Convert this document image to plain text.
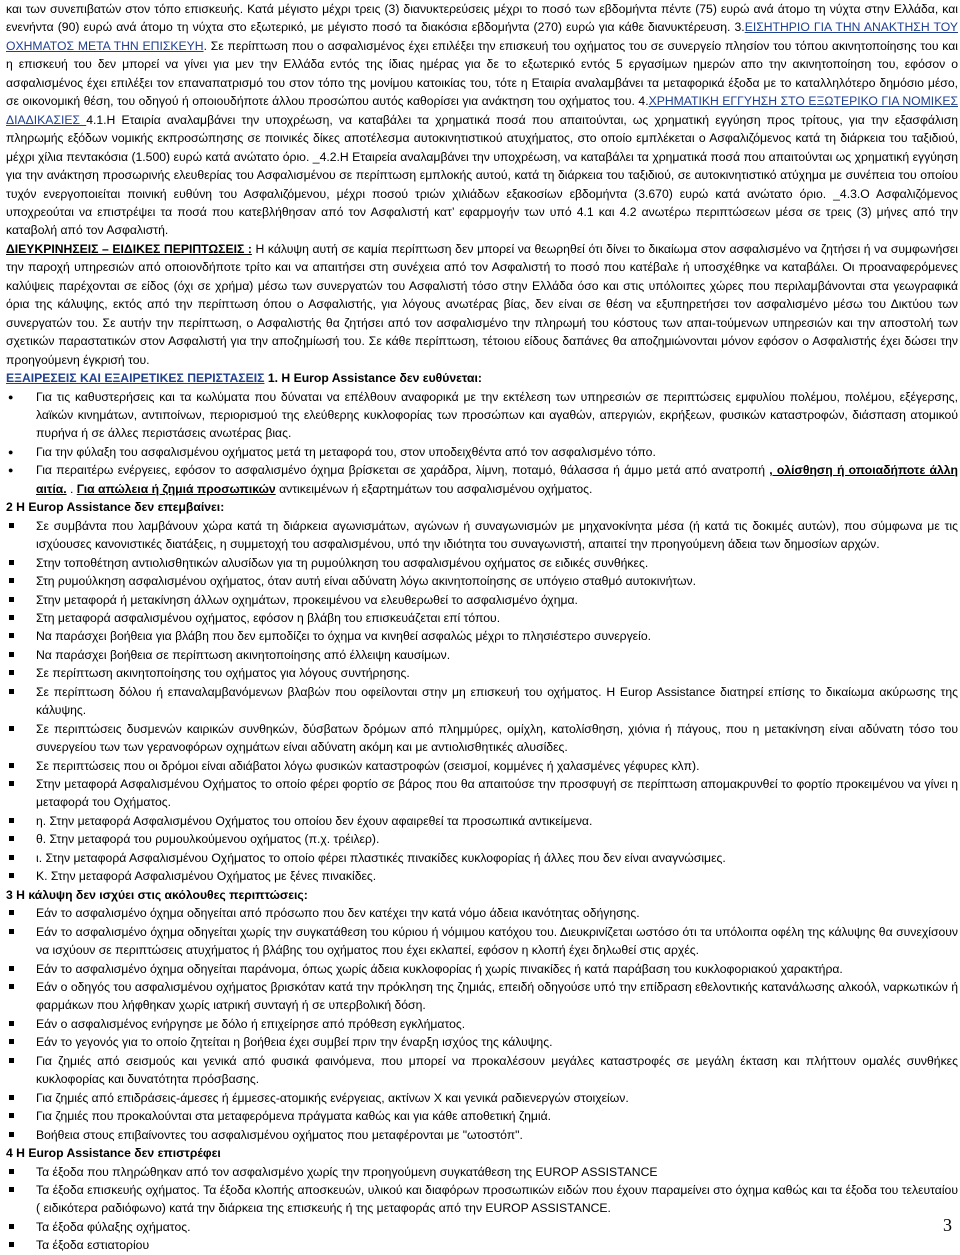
και των συνεπιβατών στον τόπο επισκευής. Κατά μέγιστο μέχρι τρεις (3) διανυκτερεύσεις μέχρι το ποσό των εβδομήντα πέντε (75) ευρώ ανά άτομο τη νύχτα στην Ελλάδα, και ενενήντα (90) ευρώ ανά άτομο τη νύχτα στο εξωτερικό, με μέγιστο ποσό τα διακόσια εβδομήντα (270) ευρώ για κάθε διανυκτέρευση. 3.ΕΙΣΗΤΗΡΙΟ ΓΙΑ ΤΗΝ ΑΝΑΚΤΗΣΗ ΤΟΥ ΟΧΗΜΑΤΟΣ ΜΕΤΑ ΤΗΝ ΕΠΙΣΚΕΥΗ. Σε περίπτωση που ο ασφαλισμένος έχει επιλέξει την επισκευή του οχήματος του σε συνεργείο πλησίον του τόπου ακινητοποίησης του και η επισκευή του δεν μπορεί να γίνει για μεν την Ελλάδα εντός της ίδιας ημέρας για δε το εξωτερικό εντός 5 εργασίμων ημερών απο την ακινητοποίηση του, εφόσον ο ασφαλισμένος έχει επιλέξει τον επαναπατρισμό του στον τόπο της μονίμου κατοικίας του, τότε η Εταιρία αναλαμβάνει τα μεταφορικά έξοδα με το καταλληλότερο δημόσιο μέσο, σε οικονομική θέση, του οδηγού ή οποιουδήποτε άλλου προσώπου αυτός καθορίσει για ανάκτηση του οχήματος του. 4.ΧΡΗΜΑΤΙΚΗ ΕΓΓΥΗΣΗ ΣΤΟ ΕΞΩΤΕΡΙΚΟ ΓΙΑ ΝΟΜΙΚΕΣ ΔΙΑΔΙΚΑΣΙΕΣ 4.1.Η Εταιρία αναλαμβάνει την υποχρέωση, να καταβάλει τα χρηματικά ποσά που απαιτούνται, ως χρηματική εγγύηση προς τρίτους, για την εξασφάλιση πληρωμής εξόδων νομικής εκπροσώπησης σε ποινικές δίκες αποτέλεσμα αυτοκινητιστικού ατυχήματος, στο οποίο εμπλέκεται ο Ασφαλιζόμενος κατά τη διάρκεια του ταξιδιού, μέχρι χίλια πεντακόσια (1.500) ευρώ κατά ανώτατο όριο. _4.2.Η Εταιρεία αναλαμβάνει την υποχρέωση, να καταβάλει τα χρηματικά ποσά που απαιτούνται ως χρηματική εγγύηση για την ανάκτηση προσωρινής ελευθερίας του Ασφαλισμένου σε περίπτωση εμπλοκής αυτού, κατά τη διάρκεια του ταξιδιού, σε αυτοκινητιστικό ατύχημα με συνέπεια του οποίου τυχόν ενεργοποιείται ποινική ευθύνη του Ασφαλιζόμενου, μέχρι ποσού τριών χιλιάδων εξακοσίων εβδομήντα (3.670) ευρώ κατά ανώτατο όριο. _4.3.Ο Ασφαλιζόμενος υποχρεούται να επιστρέψει τα ποσά που κατεβλήθησαν από τον Ασφαλιστή κατ’ εφαρμογήν των υπό 4.1 και 4.2 ανωτέρω περιπτώσεων μέσα σε τρεις (3) μήνες από την καταβολή από τον Ασφαλιστή.

ΔΙΕΥΚΡΙΝΗΣΕΙΣ – ΕΙΔΙΚΕΣ ΠΕΡΙΠΤΩΣΕΙΣ : Η κάλυψη αυτή σε καμία περίπτωση δεν μπορεί να θεωρηθεί ότι δίνει το δικαίωμα στον ασφαλισμένο να ζητήσει ή να συμφωνήσει την παροχή υπηρεσιών από οποιονδήποτε τρίτο και να απαιτήσει στη συνέχεια από τον Ασφαλιστή το ποσό που κατέβαλε ή υποσχέθηκε να καταβάλει. Οι προαναφερόμενες καλύψεις παρέχονται σε είδος (όχι σε χρήμα) μέσω των συνεργατών του Ασφαλιστή τόσο στην Ελλάδα όσο και στις υπόλοιπες χώρες που περιλαμβάνονται στα γεωγραφικά όρια της κάλυψης, εκτός από την περίπτωση όπου ο Ασφαλιστής, για λόγους ανωτέρας βίας, δεν είναι σε θέση να εξυπηρετήσει τον ασφαλισμένο μέσω του Δικτύου των συνεργατών του. Σε αυτήν την περίπτωση, ο Ασφαλιστής θα ζητήσει από τον ασφαλισμένο την πληρωμή του κόστους των απαι-τούμενων υπηρεσιών και την αποστολή των σχετικών παραστατικών στον Ασφαλιστή για την αποζημίωσή του. Σε κάθε περίπτωση, τέτοιου είδους δαπάνες θα αποζημιώνονται μόνον εφόσον ο Ασφαλιστής έχει δώσει την προηγούμενη έγκρισή του.

ΕΞΑΙΡΕΣΕΙΣ ΚΑΙ ΕΞΑΙΡΕΤΙΚΕΣ ΠΕΡΙΣΤΑΣΕΙΣ 1. Η Europ Assistance δεν ευθύνεται:

● Για τις καθυστερήσεις και τα κωλύματα που δύναται να επέλθουν αναφορικά με την εκτέλεση των υπηρεσιών σε περιπτώσεις εμφυλίου πολέμου, πολέμου, εξέγερσης, λαϊκών κινημάτων, αντιποίνων, περιορισμού της ελεύθερης κυκλοφορίας των προσώπων και αγαθών, απεργιών, εκρήξεων, φυσικών καταστροφών, διάσπαση ατομικού πυρήνα ή σε άλλες περιστάσεις ανωτέρας βιας.
● Για την φύλαξη του ασφαλισμένου οχήματος μετά τη μεταφορά του, στον υποδειχθέντα από τον ασφαλισμένο τόπο.
● Για περαιτέρω ενέργειες, εφόσον το ασφαλισμένο όχημα βρίσκεται σε χαράδρα, λίμνη, ποταμό, θάλασσα ή άμμο μετά από ανατροπή , ολίσθηση ή οποιαδήποτε άλλη αιτία. . Για απώλεια ή ζημιά προσωπικών αντικειμένων ή εξαρτημάτων του ασφαλισμένου οχήματος.

2 Η Europ Assistance δεν επεμβαίνει:

Σε συμβάντα που λαμβάνουν χώρα κατά τη διάρκεια αγωνισμάτων, αγώνων ή συναγωνισμών με μηχανοκίνητα μέσα (ή κατά τις δοκιμές αυτών), που σύμφωνα με τις ισχύουσες κανονιστικές διατάξεις, η συμμετοχή του ασφαλισμένου, υπό την ιδιότητα του συναγωνιστή, απαιτεί την προηγούμενη άδεια των δημοσίων αρχών.
Στην τοποθέτηση αντιολισθητικών αλυσίδων για τη ρυμούλκηση του ασφαλισμένου οχήματος σε ειδικές συνθήκες.
Στη ρυμούλκηση ασφαλισμένου οχήματος, όταν αυτή είναι αδύνατη λόγω ακινητοποίησης σε υπόγειο σταθμό αυτοκινήτων.
Στην μεταφορά ή μετακίνηση άλλων οχημάτων, προκειμένου να ελευθερωθεί το ασφαλισμένο όχημα.
Στη μεταφορά ασφαλισμένου οχήματος, εφόσον η βλάβη του επισκευάζεται επί τόπου.
Να παράσχει βοήθεια για βλάβη που δεν εμποδίζει το όχημα να κινηθεί ασφαλώς μέχρι το πλησιέστερο συνεργείο.
Να παράσχει βοήθεια σε περίπτωση ακινητοποίησης από έλλειψη καυσίμων.
Σε περίπτωση ακινητοποίησης του οχήματος για λόγους συντήρησης.
Σε περίπτωση δόλου ή επαναλαμβανόμενων βλαβών που οφείλονται στην μη επισκευή του οχήματος. Η Europ Assistance διατηρεί επίσης το δικαίωμα ακύρωσης της κάλυψης.
Σε περιπτώσεις δυσμενών καιρικών συνθηκών, δύσβατων δρόμων από πλημμύρες, ομίχλη, κατολίσθηση, χιόνια ή πάγους, που η μετακίνηση είναι αδύνατη τόσο του συνεργείου των των γερανοφόρων οχημάτων είναι αδύνατη ακόμη και με αντιολισθητικές αλυσίδες.
Σε περιπτώσεις που οι δρόμοι είναι αδιάβατοι λόγω φυσικών καταστροφών (σεισμοί, κομμένες ή χαλασμένες γέφυρες κλπ).
Στην μεταφορά Ασφαλισμένου Οχήματος το οποίο φέρει φορτίο σε βάρος που θα απαιτούσε την προσφυγή σε περίπτωση απομακρυνθεί το φορτίο προκειμένου να γίνει η μεταφορά του Οχήματος.
η. Στην μεταφορά Ασφαλισμένου Οχήματος του οποίου δεν έχουν αφαιρεθεί τα προσωπικά αντικείμενα.
θ. Στην μεταφορά του ρυμουλκούμενου οχήματος (π.χ. τρέιλερ).
ι. Στην μεταφορά Ασφαλισμένου Οχήματος το οποίο φέρει πλαστικές πινακίδες κυκλοφορίας ή άλλες που δεν είναι αναγνώσιμες.
Κ. Στην μεταφορά Ασφαλισμένου Οχήματος με ξένες πινακίδες.

3 Η κάλυψη δεν ισχύει στις ακόλουθες περιπτώσεις:

Εάν το ασφαλισμένο όχημα οδηγείται από πρόσωπο που δεν κατέχει την κατά νόμο άδεια ικανότητας οδήγησης.
Εάν το ασφαλισμένο όχημα οδηγείται χωρίς την συγκατάθεση του κύριου ή νόμιμου κατόχου του. Διευκρινίζεται ωστόσο ότι τα υπόλοιπα οφέλη της κάλυψης θα συνεχίσουν να ισχύουν σε περιπτώσεις ατυχήματος ή βλάβης του οχήματος που έχει εκλαπεί, εφόσον η κλοπή έχει δηλωθεί στις αρχές.
Εάν το ασφαλισμένο όχημα οδηγείται παράνομα, όπως χωρίς άδεια κυκλοφορίας ή χωρίς πινακίδες ή κατά παράβαση του κυκλοφοριακού χαρακτήρα.
Εάν ο οδηγός του ασφαλισμένου οχήματος βρισκόταν κατά την πρόκληση της ζημιάς, επειδή οδηγούσε υπό την επίδραση εθελοντικής κατανάλωσης αλκοόλ, ναρκωτικών ή φαρμάκων που λήφθηκαν χωρίς ιατρική συνταγή ή σε υπερβολική δόση.
Εάν ο ασφαλισμένος ενήργησε με δόλο ή επιχείρησε από πρόθεση εγκλήματος.
Εάν το γεγονός για το οποίο ζητείται η βοήθεια έχει συμβεί πριν την έναρξη ισχύος της κάλυψης.
Για ζημιές από σεισμούς και γενικά από φυσικά φαινόμενα, που μπορεί να προκαλέσουν μεγάλες καταστροφές σε μεγάλη έκταση και πλήττουν ομαλές συνθήκες κυκλοφορίας και δυνατότητα πρόσβασης.
Για ζημιές από επιδράσεις-άμεσες ή έμμεσες-ατομικής ενέργειας, ακτίνων Χ και γενικά ραδιενεργών στοιχείων.
Για ζημιές που προκαλούνται στα μεταφερόμενα πράγματα καθώς και για κάθε αποθετική ζημιά.
Βοήθεια στους επιβαίνοντες του ασφαλισμένου οχήματος που μεταφέρονται με "ωτοστόπ".

4 Η Europ Assistance δεν επιστρέφει

Τα έξοδα που πληρώθηκαν από τον ασφαλισμένο χωρίς την προηγούμενη συγκατάθεση της EUROP ASSISTANCE
Τα έξοδα επισκευής οχήματος. Τα έξοδα κλοπής αποσκευών, υλικού και διαφόρων προσωπικών ειδών που έχουν παραμείνει στο όχημα καθώς και τα έξοδα του τελευταίου ( ειδικότερα ραδιόφωνο) κατά την διάρκεια της επισκευής ή της μεταφοράς από την EUROP ASSISTANCE.
Τα έξοδα φύλαξης οχήματος.
Τα έξοδα εστιατορίου
3
